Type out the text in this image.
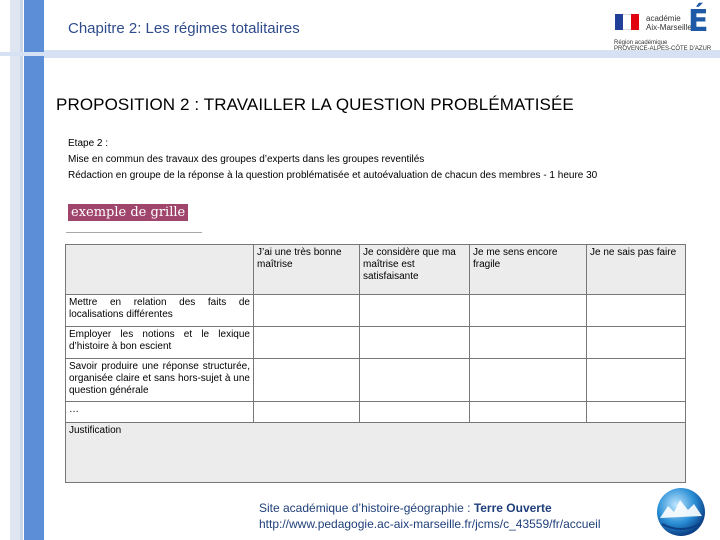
Chapitre 2: Les régimes totalitaires
académie
Aix-Marseille
É
Région académique
PROVENCE-ALPES-CÔTE D'AZUR
PROPOSITION 2 : TRAVAILLER LA QUESTION PROBLÉMATISÉE
Etape 2 :
Mise en commun des travaux des groupes d’experts dans les groupes reventilés
Rédaction en groupe de la réponse à la question problématisée et autoévaluation de chacun des membres - 1 heure 30
exemple de grille
	J’ai une très bonne maîtrise	Je considère que ma maîtrise est satisfaisante	Je me sens encore fragile	Je ne sais pas faire
Mettre en relation des faits de localisations différentes				
Employer les notions et le lexique d’histoire à bon escient				
Savoir produire une réponse structurée, organisée claire et sans hors-sujet à une question générale				
…				
Justification				
Site académique d’histoire-géographie : Terre Ouverte
http://www.pedagogie.ac-aix-marseille.fr/jcms/c_43559/fr/accueil
